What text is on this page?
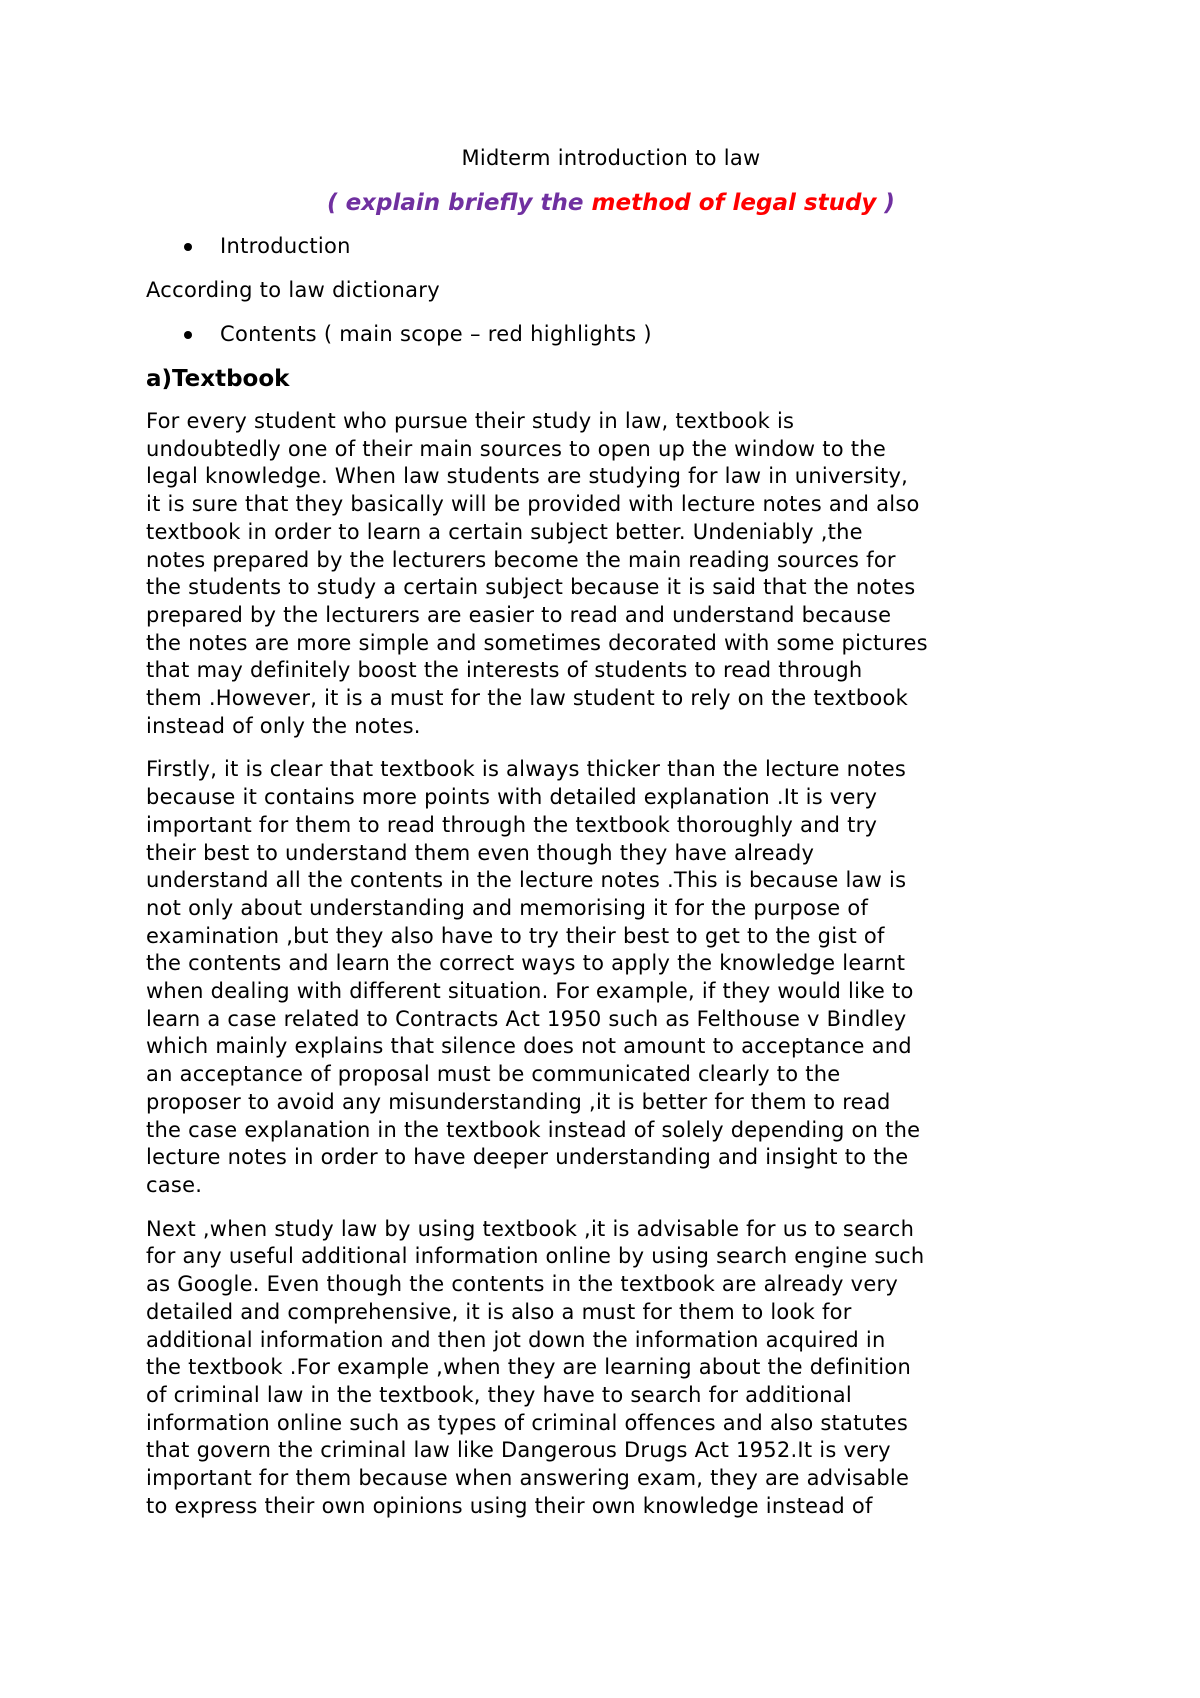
Midterm introduction to law
( explain briefly the method of legal study )
Introduction
According to law dictionary
Contents ( main scope – red highlights )
a)Textbook
For every student who pursue their study in law, textbook is
undoubtedly one of their main sources to open up the window to the
legal knowledge. When law students are studying for law in university,
it is sure that they basically will be provided with lecture notes and also
textbook in order to learn a certain subject better. Undeniably ,the
notes prepared by the lecturers become the main reading sources for
the students to study a certain subject because it is said that the notes
prepared by the lecturers are easier to read and understand because
the notes are more simple and sometimes decorated with some pictures
that may definitely boost the interests of students to read through
them .However, it is a must for the law student to rely on the textbook
instead of only the notes.
Firstly, it is clear that textbook is always thicker than the lecture notes
because it contains more points with detailed explanation .It is very
important for them to read through the textbook thoroughly and try
their best to understand them even though they have already
understand all the contents in the lecture notes .This is because law is
not only about understanding and memorising it for the purpose of
examination ,but they also have to try their best to get to the gist of
the contents and learn the correct ways to apply the knowledge learnt
when dealing with different situation. For example, if they would like to
learn a case related to Contracts Act 1950 such as Felthouse v Bindley
which mainly explains that silence does not amount to acceptance and
an acceptance of proposal must be communicated clearly to the
proposer to avoid any misunderstanding ,it is better for them to read
the case explanation in the textbook instead of solely depending on the
lecture notes in order to have deeper understanding and insight to the
case.
Next ,when study law by using textbook ,it is advisable for us to search
for any useful additional information online by using search engine such
as Google. Even though the contents in the textbook are already very
detailed and comprehensive, it is also a must for them to look for
additional information and then jot down the information acquired in
the textbook .For example ,when they are learning about the definition
of criminal law in the textbook, they have to search for additional
information online such as types of criminal offences and also statutes
that govern the criminal law like Dangerous Drugs Act 1952.It is very
important for them because when answering exam, they are advisable
to express their own opinions using their own knowledge instead of
